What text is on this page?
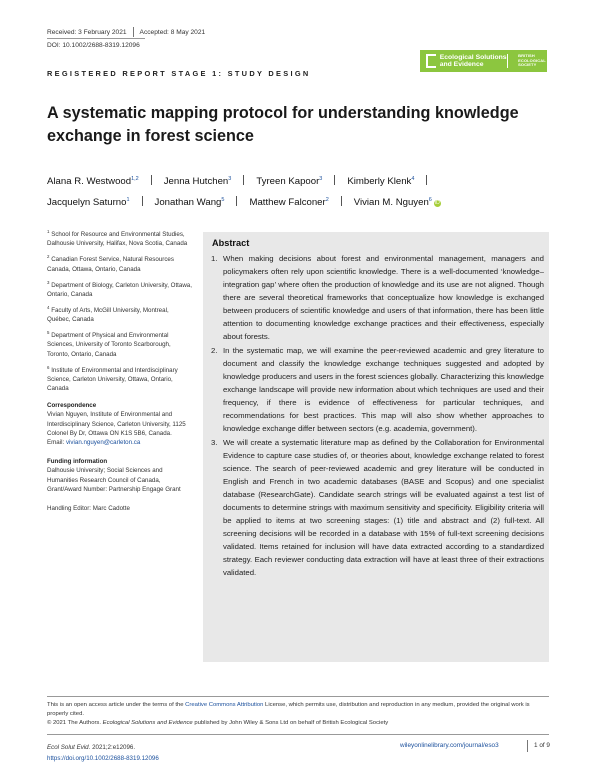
Received: 3 February 2021 Accepted: 8 May 2021
DOI: 10.1002/2688-8319.12096
Ecological Solutions and Evidence
BRITISH ECOLOGICAL SOCIETY
REGISTERED REPORT STAGE 1: STUDY DESIGN
A systematic mapping protocol for understanding knowledge exchange in forest science
Alana R. Westwood$^{1,2}$	Jenna Hutchen$^3$	Tyreen Kapoor$^3$	Kimberly Klenk$^4$
Jacquelyn Saturno$^1$	Jonathan Wang$^5$	Matthew Falconer$^2$	Vivian M. Nguyen$^6$iD
$^1$ School for Resource and Environmental Studies, Dalhousie University, Halifax, Nova Scotia, Canada
$^2$ Canadian Forest Service, Natural Resources Canada, Ottawa, Ontario, Canada
$^3$ Department of Biology, Carleton University, Ottawa, Ontario, Canada
$^4$ Faculty of Arts, McGill University, Montreal, Québec, Canada
$^5$ Department of Physical and Environmental Sciences, University of Toronto Scarborough, Toronto, Ontario, Canada
$^6$ Institute of Environmental and Interdisciplinary Science, Carleton University, Ottawa, Ontario, Canada
Correspondence
Vivian Nguyen, Institute of Environmental and Interdisciplinary Science, Carleton University, 1125 Colonel By Dr, Ottawa ON K1S 5B6, Canada.
Email: vivian.nguyen@carleton.ca
Funding information
Dalhousie University; Social Sciences and Humanities Research Council of Canada, Grant/Award Number: Partnership Engage Grant
Handling Editor: Marc Cadotte
Abstract
1. When making decisions about forest and environmental management, managers and policymakers often rely upon scientific knowledge. There is a well-documented ‘knowledge–integration gap’ where often the production of knowledge and its use are not aligned. Though there are several theoretical frameworks that conceptualize how knowledge is exchanged between producers of scientific knowledge and users of that information, there has been little attention to documenting knowledge exchange practices and their effectiveness, especially about forests.
2. In the systematic map, we will examine the peer-reviewed academic and grey literature to document and classify the knowledge exchange techniques suggested and adopted by knowledge producers and users in the forest sciences globally. Characterizing this knowledge exchange landscape will provide new information about which techniques are used and their frequency, if there is evidence of effectiveness for particular techniques, and recommendations for best practices. This map will also show whether approaches to knowledge exchange differ between sectors (e.g. academia, government).
3. We will create a systematic literature map as defined by the Collaboration for Environmental Evidence to capture case studies of, or theories about, knowledge exchange related to forest science. The search of peer-reviewed academic and grey literature will be conducted in English and French in two academic databases (BASE and Scopus) and one specialist database (ResearchGate). Candidate search strings will be evaluated against a test list of documents to determine strings with maximum sensitivity and specificity. Eligibility criteria will be applied to items at two screening stages: (1) title and abstract and (2) full-text. All screening decisions will be recorded in a database with 15% of full-text screening decisions validated. Items retained for inclusion will have data extracted according to a standardized strategy. Each reviewer conducting data extraction will have at least three of their extractions validated.
This is an open access article under the terms of the Creative Commons Attribution License, which permits use, distribution and reproduction in any medium, provided the original work is properly cited.
© 2021 The Authors. Ecological Solutions and Evidence published by John Wiley & Sons Ltd on behalf of British Ecological Society
Ecol Solut Evid. 2021;2:e12096.
https://doi.org/10.1002/2688-8319.12096
wileyonlinelibrary.com/journal/eso3	1 of 9
